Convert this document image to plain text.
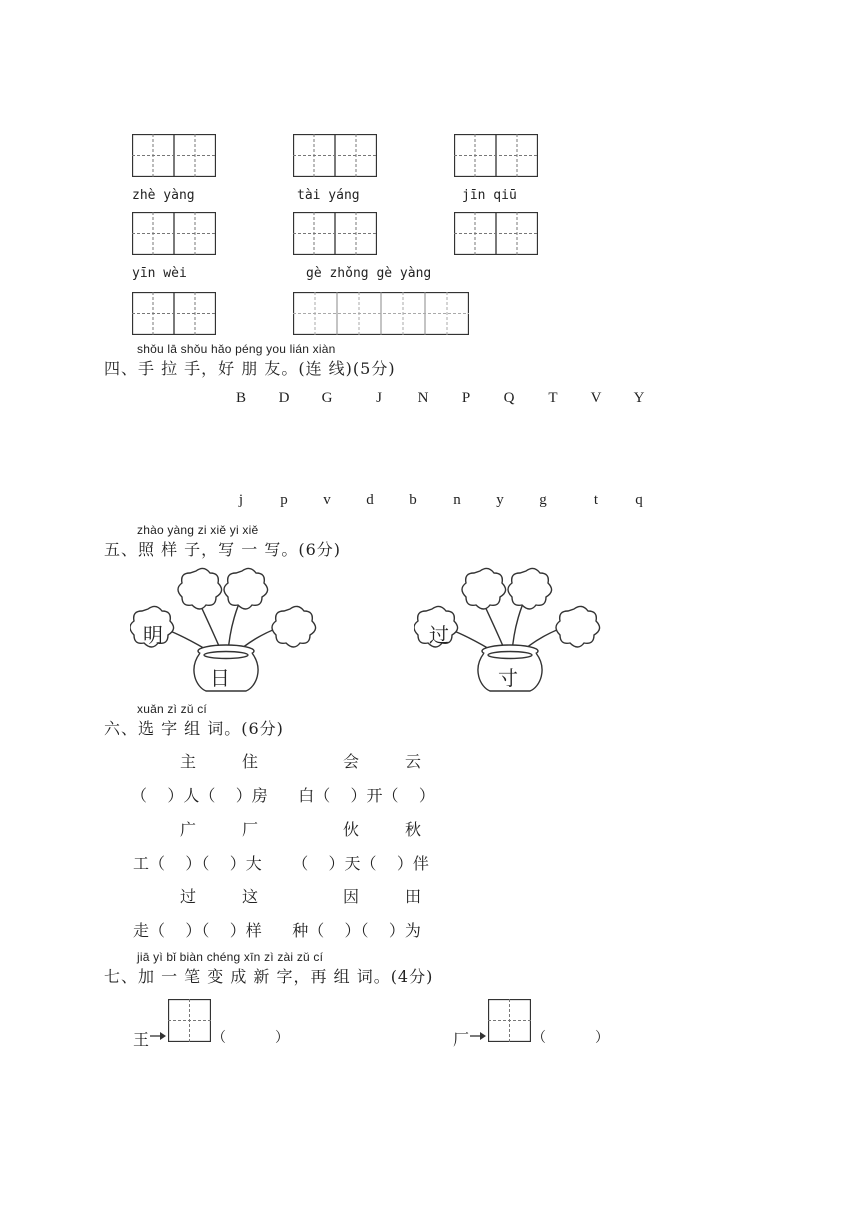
zhè yàng	tài yáng	jīn qiū
yīn wèi	gè zhǒng gè yàng
shǒu lā shǒu hǎo péng you lián xiàn
四、手 拉 手，好 朋 友。(连 线)(5分)
B	D	G	J	N	P	Q	T	V	Y
j	p	v	d	b	n	y	g	t	q
zhào yàng zi xiě yi xiě
五、照 样 子，写 一 写。(6分)
明
日
过
寸
xuǎn zì zǔ cí
六、选 字 组 词。(6分)
主	住	会	云
（    ）人（    ）房      白（    ）开（    ）
广	厂	伙	秋
工（    ）（    ）大      （    ）天（    ）伴
过	这	因	田
走（    ）（    ）样      种（    ）（    ）为
jiā yì bǐ biàn chéng xīn zì zài zǔ cí
七、加 一 笔 变 成 新 字，再 组 词。(4分)
王	（           ）	厂	（           ）
